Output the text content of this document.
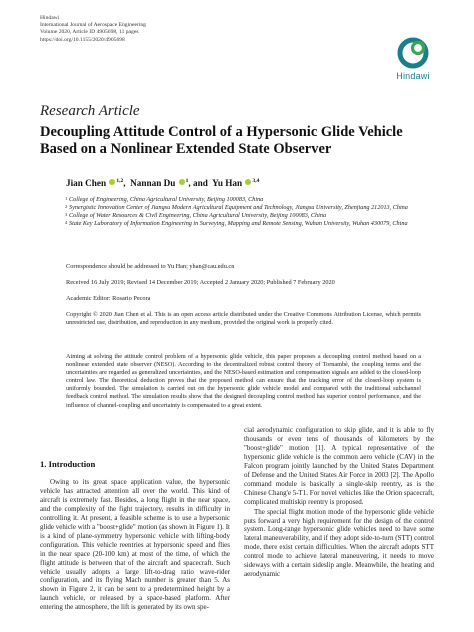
Hindawi
International Journal of Aerospace Engineering
Volume 2020, Article ID 4905698, 11 pages
https://doi.org/10.1155/2020/4905698
Hindawi
Research Article
Decoupling Attitude Control of a Hypersonic Glide Vehicle Based on a Nonlinear Extended State Observer
Jian Chen $^{1,2}$,  Nannan Du $^1$, and  Yu Han $^{3,4}$
1 College of Engineering, China Agricultural University, Beijing 100083, China
2 Synergistic Innovation Center of Jiangsu Modern Agricultural Equipment and Technology, Jiangsu University, Zhenjiang 212013, China
3 College of Water Resources & Civil Engineering, China Agricultural University, Beijing 100083, China
4 State Key Laboratory of Information Engineering in Surveying, Mapping and Remote Sensing, Wuhan University, Wuhan 430079, China
Correspondence should be addressed to Yu Han; yhan@cau.edu.cn
Received 16 July 2019; Revised 14 December 2019; Accepted 2 January 2020; Published 7 February 2020
Academic Editor: Rosario Pecora
Copyright © 2020 Jian Chen et al. This is an open access article distributed under the Creative Commons Attribution License, which permits unrestricted use, distribution, and reproduction in any medium, provided the original work is properly cited.
Aiming at solving the attitude control problem of a hypersonic glide vehicle, this paper proposes a decoupling control method based on a nonlinear extended state observer (NESO). According to the decentralized robust control theory of Tornambè, the coupling terms and the uncertainties are regarded as generalized uncertainties, and the NESO-based estimation and compensation signals are added to the closed-loop control law. The theoretical deduction proves that the proposed method can ensure that the tracking error of the closed-loop system is uniformly bounded. The simulation is carried out on the hypersonic glide vehicle model and compared with the traditional subchannel feedback control method. The simulation results show that the designed decoupling control method has superior control performance, and the influence of channel-coupling and uncertainty is compensated to a great extent.
1. Introduction

Owing to its great space application value, the hypersonic vehicle has attracted attention all over the world. This kind of aircraft is extremely fast. Besides, a long flight in the near space, and the complexity of the fight trajectory, results in difficulty in controlling it. At present, a feasible scheme is to use a hypersonic glide vehicle with a "boost+glide" motion (as shown in Figure 1). It is a kind of plane-symmetry hypersonic vehicle with lifting-body configuration. This vehicle reentries at hypersonic speed and flies in the near space (20-100 km) at most of the time, of which the flight attitude is between that of the aircraft and spacecraft. Such vehicle usually adopts a large lift-to-drag ratio wave-rider configuration, and its flying Mach number is greater than 5. As shown in Figure 2, it can be sent to a predetermined height by a launch vehicle, or released by a space-based platform. After entering the atmosphere, the lift is generated by its own spe-

cial aerodynamic configuration to skip glide, and it is able to fly thousands or even tens of thousands of kilometers by the "boost+glide" motion [1]. A typical representative of the hypersonic glide vehicle is the common aero vehicle (CAV) in the Falcon program jointly launched by the United States Department of Defense and the United States Air Force in 2003 [2]. The Apollo command module is basically a single-skip reentry, as is the Chinese Chang'e 5-T1. For novel vehicles like the Orion spacecraft, complicated multiskip reentry is proposed.

The special flight motion mode of the hypersonic glide vehicle puts forward a very high requirement for the design of the control system. Long-range hypersonic glide vehicles need to have some lateral maneuverability, and if they adopt side-to-turn (STT) control mode, there exist certain difficulties. When the aircraft adopts STT control mode to achieve lateral maneuvering, it needs to move sideways with a certain sideslip angle. Meanwhile, the heating and aerodynamic
